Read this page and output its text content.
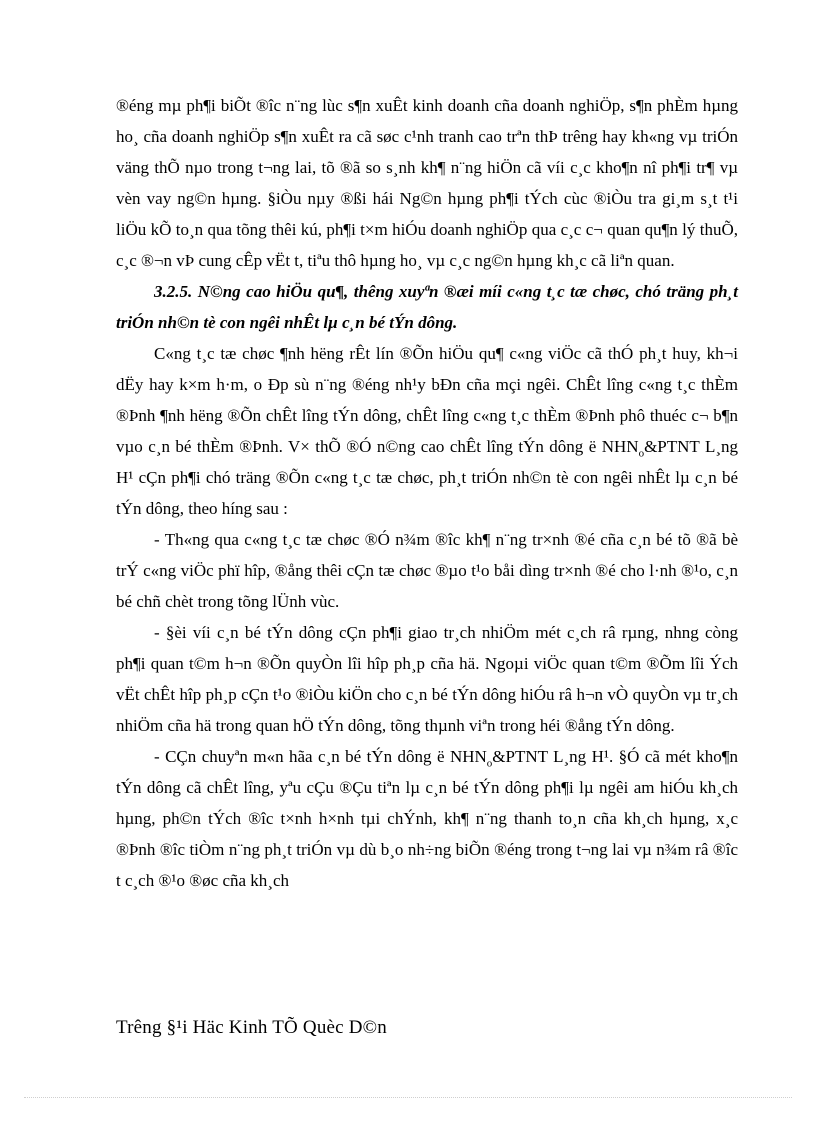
®éng mµ ph¶i biÕt ®îc n¨ng lùc s¶n xuÊt kinh doanh cña doanh nghiÖp, s¶n phÈm hµng ho¸ cña doanh nghiÖp s¶n xuÊt ra cã søc c¹nh tranh cao trªn thÞ trêng hay kh«ng vµ triÓn väng thÕ nµo trong t¬ng lai, tõ ®ã so s¸nh kh¶ n¨ng hiÖn cã víi c¸c kho¶n nî ph¶i tr¶ vµ vèn vay ng©n hµng. §iÒu nµy ®ßi hái Ng©n hµng ph¶i tÝch cùc ®iÒu tra gi¸m s¸t t¹i liÖu kÕ to¸n qua tõng thêi kú, ph¶i t×m hiÓu doanh nghiÖp qua c¸c c¬ quan qu¶n lý thuÕ, c¸c ®¬n vÞ cung cÊp vËt t, tiªu thô hµng ho¸ vµ c¸c ng©n hµng kh¸c cã liªn quan.

3.2.5. N©ng cao hiÖu qu¶, thêng xuyªn ®æi míi c«ng t¸c tæ chøc, chó träng ph¸t triÓn nh©n tè con ngêi nhÊt lµ c¸n bé tÝn dông.

C«ng t¸c tæ chøc ¶nh hëng rÊt lín ®Õn hiÖu qu¶ c«ng viÖc cã thÓ ph¸t huy, kh¬i dËy hay k×m h·m, o Ðp sù n¨ng ®éng nh¹y bÐn cña mçi ngêi. ChÊt lîng c«ng t¸c thÈm ®Þnh ¶nh hëng ®Õn chÊt lîng tÝn dông, chÊt lîng c«ng t¸c thÈm ®Þnh phô thuéc c¬ b¶n vµo c¸n bé thÈm ®Þnh. V× thÕ ®Ó n©ng cao chÊt lîng tÝn dông ë $NHN_o\&PTNT$ L¸ng H¹ cÇn ph¶i chó träng ®Õn c«ng t¸c tæ chøc, ph¸t triÓn nh©n tè con ngêi nhÊt lµ c¸n bé tÝn dông, theo híng sau :

- Th«ng qua c«ng t¸c tæ chøc ®Ó n¾m ®îc kh¶ n¨ng tr×nh ®é cña c¸n bé tõ ®ã bè trÝ c«ng viÖc phï hîp, ®ång thêi cÇn tæ chøc ®µo t¹o båi dìng tr×nh ®é cho l·nh ®¹o, c¸n bé chñ chèt trong tõng lÜnh vùc.

- §èi víi c¸n bé tÝn dông cÇn ph¶i giao tr¸ch nhiÖm mét c¸ch râ rµng, nhng còng ph¶i quan t©m h¬n ®Õn quyÒn lîi hîp ph¸p cña hä. Ngoµi viÖc quan t©m ®Õm lîi Ých vËt chÊt hîp ph¸p cÇn t¹o ®iÒu kiÖn cho c¸n bé tÝn dông hiÓu râ h¬n vÒ quyÒn vµ tr¸ch nhiÖm cña hä trong quan hÖ tÝn dông, tõng thµnh viªn trong héi ®ång tÝn dông.

- CÇn chuyªn m«n hãa c¸n bé tÝn dông ë $NHN_o\&PTNT$ L¸ng H¹. §Ó cã mét kho¶n tÝn dông cã chÊt lîng, yªu cÇu ®Çu tiªn lµ c¸n bé tÝn dông ph¶i lµ ngêi am hiÓu kh¸ch hµng, ph©n tÝch ®îc t×nh h×nh tµi chÝnh, kh¶ n¨ng thanh to¸n cña kh¸ch hµng, x¸c ®Þnh ®îc tiÒm n¨ng ph¸t triÓn vµ dù b¸o nh÷ng biÕn ®éng trong t¬ng lai vµ n¾m râ ®îc t c¸ch ®¹o ®øc cña kh¸ch

Trêng §¹i Häc Kinh TÕ Quèc D©n
